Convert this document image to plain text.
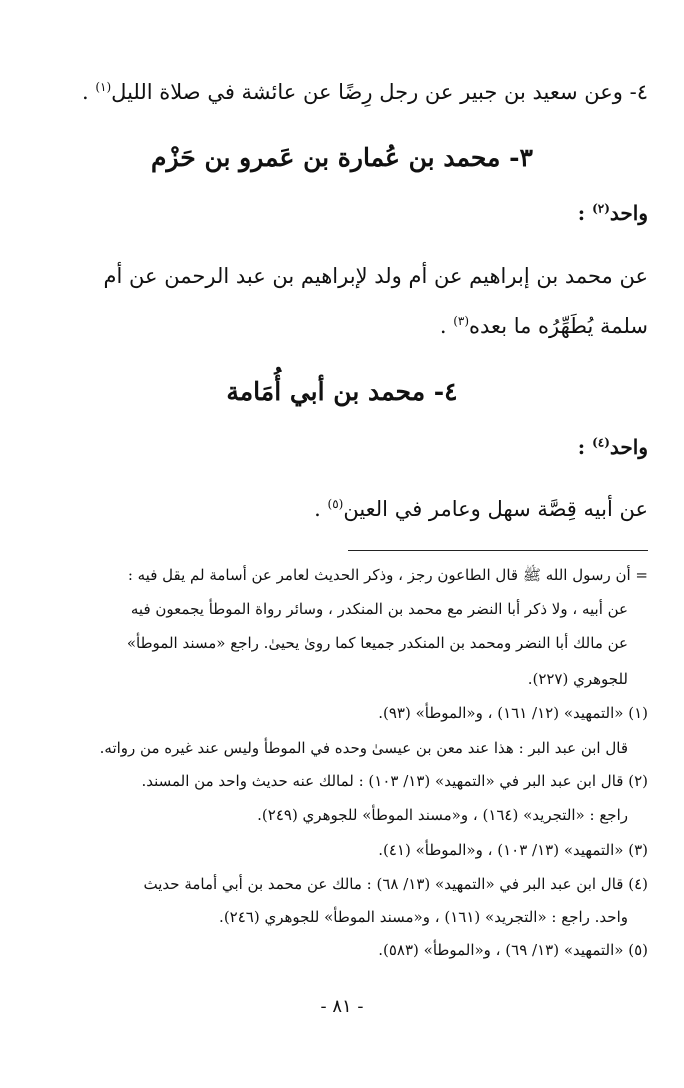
٤- وعن سعيد بن جبير عن رجل رِضًا عن عائشة في صلاة الليل$^{(١)}$ .
٣- محمد بن عُمارة بن عَمرو بن حَزْم
واحد$^{(٢)}$ :
عن محمد بن إبراهيم عن أم ولد لإبراهيم بن عبد الرحمن عن أم
سلمة يُطَهِّرُه ما بعده$^{(٣)}$ .
٤- محمد بن أبي أُمَامة
واحد$^{(٤)}$ :
عن أبيه قِصَّة سهل وعامر في العين$^{(٥)}$ .
= أن رسول الله ﷺ قال الطاعون رجز ، وذكر الحديث لعامر عن أسامة لم يقل فيه :
عن أبيه ، ولا ذكر أبا النضر مع محمد بن المنكدر ، وسائر رواة الموطأ يجمعون فيه
عن مالك أبا النضر ومحمد بن المنكدر جميعا كما روىٰ يحيىٰ. راجع «مسند الموطأ»
للجوهري (٢٢٧).
(١) «التمهيد» (١٢/ ١٦١) ، و«الموطأ» (٩٣).
قال ابن عبد البر : هذا عند معن بن عيسىٰ وحده في الموطأ وليس عند غيره من رواته.
(٢) قال ابن عبد البر في «التمهيد» (١٣/ ١٠٣) : لمالك عنه حديث واحد من المسند.
راجع : «التجريد» (١٦٤) ، و«مسند الموطأ» للجوهري (٢٤٩).
(٣) «التمهيد» (١٣/ ١٠٣) ، و«الموطأ» (٤١).
(٤) قال ابن عبد البر في «التمهيد» (١٣/ ٦٨) : مالك عن محمد بن أبي أمامة حديث
واحد. راجع : «التجريد» (١٦١) ، و«مسند الموطأ» للجوهري (٢٤٦).
(٥) «التمهيد» (١٣/ ٦٩) ، و«الموطأ» (٥٨٣).
- ٨١ -
